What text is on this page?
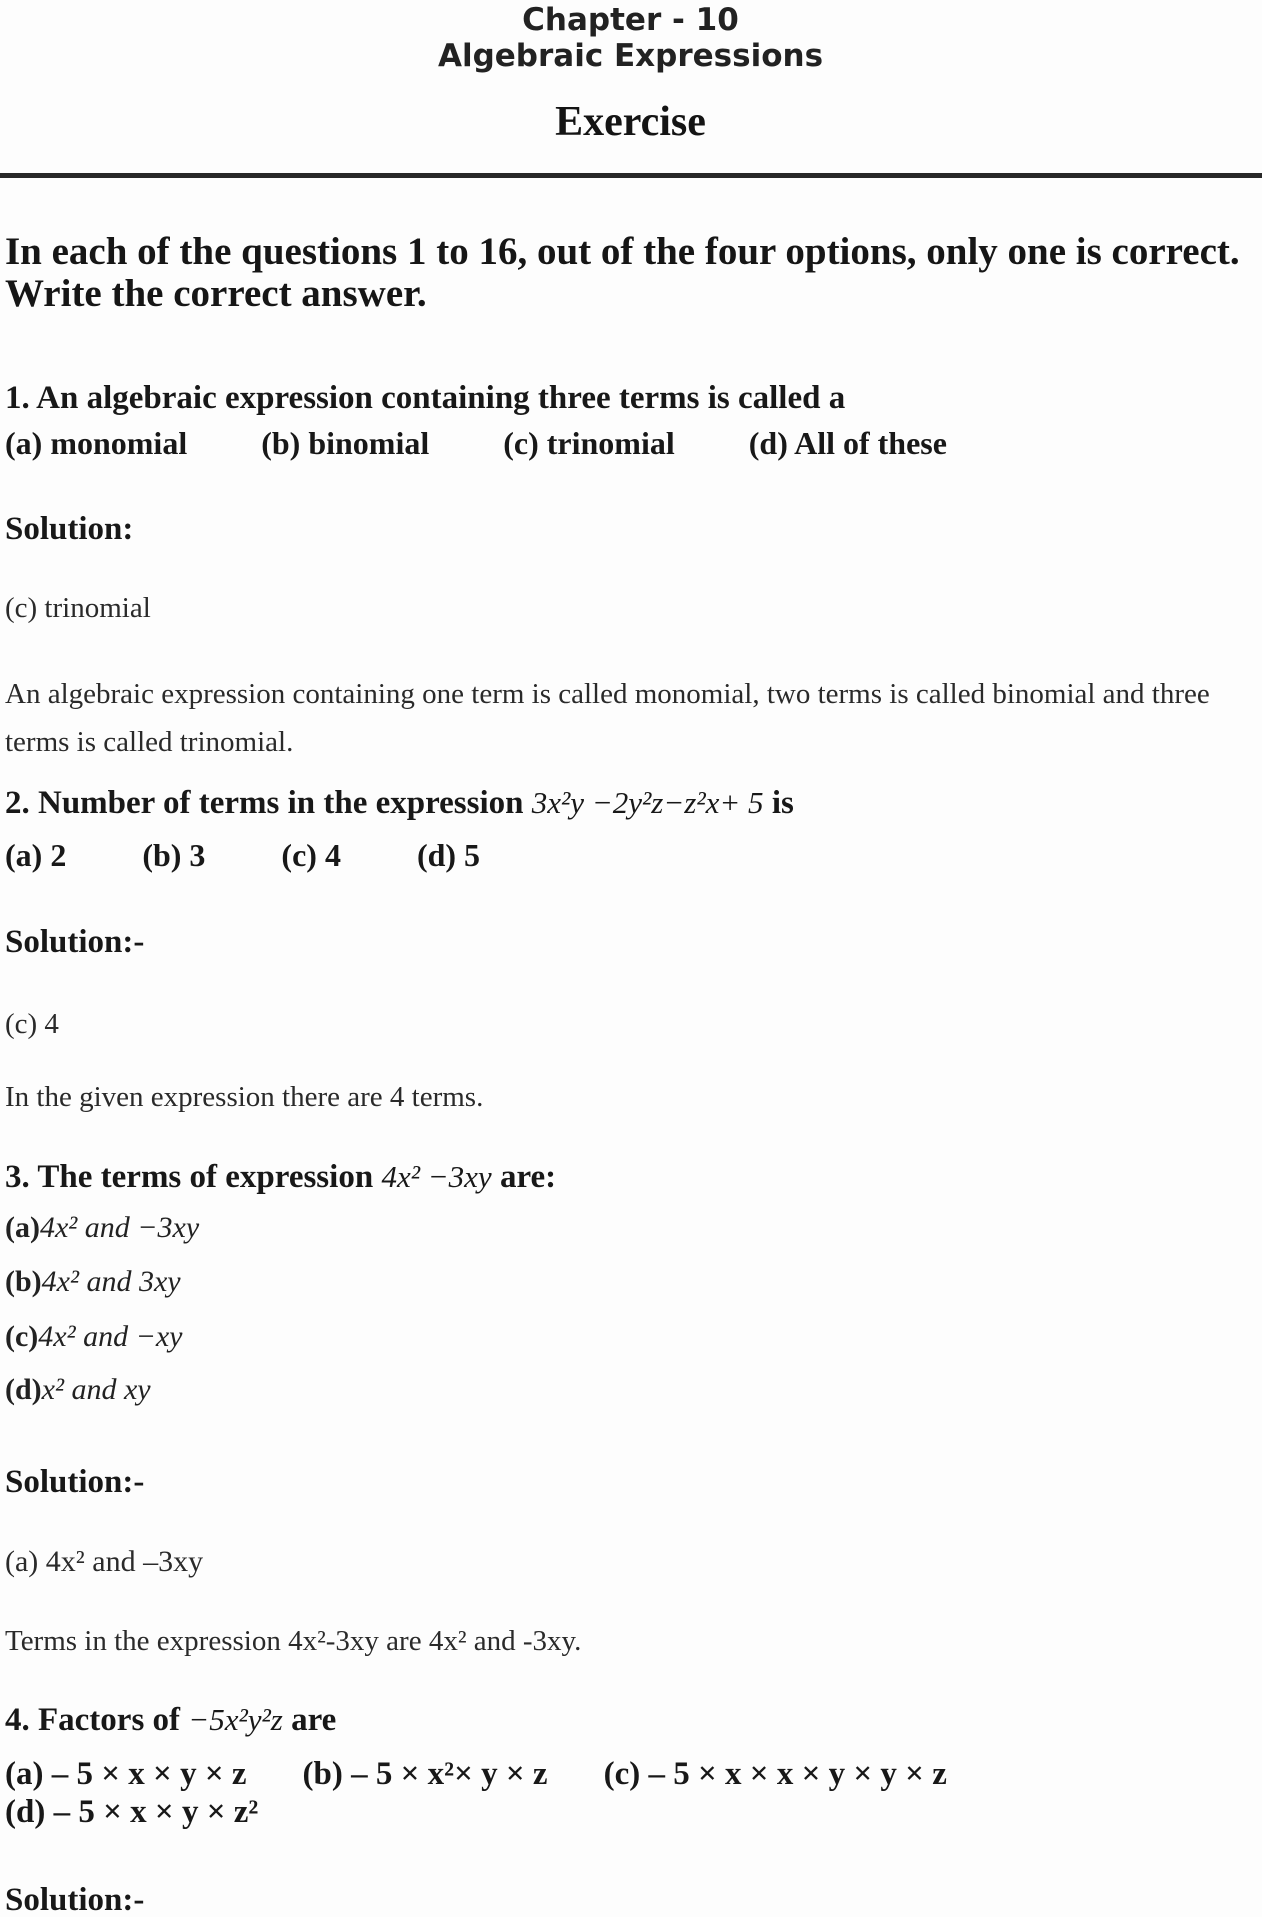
Chapter - 10
Algebraic Expressions
Exercise

In each of the questions 1 to 16, out of the four options, only one is correct. Write the correct answer.

1. An algebraic expression containing three terms is called a

(a) monomial (b) binomial (c) trinomial (d) All of these

Solution:

(c) trinomial

An algebraic expression containing one term is called monomial, two terms is called binomial and three terms is called trinomial.

2. Number of terms in the expression 3x²y −2y²z−z²x+ 5 is

(a) 2 (b) 3 (c) 4 (d) 5

Solution:-

(c) 4

In the given expression there are 4 terms.

3. The terms of expression 4x² −3xy are:

(a)4x² and −3xy
(b)4x² and 3xy
(c)4x² and −xy
(d)x² and xy

Solution:-

(a) 4x² and –3xy

Terms in the expression 4x²-3xy are 4x² and -3xy.

4. Factors of −5x²y²z are

(a) – 5 × x × y × z (b) – 5 × x²× y × z (c) – 5 × x × x × y × y × z
(d) – 5 × x × y × z²

Solution:-
